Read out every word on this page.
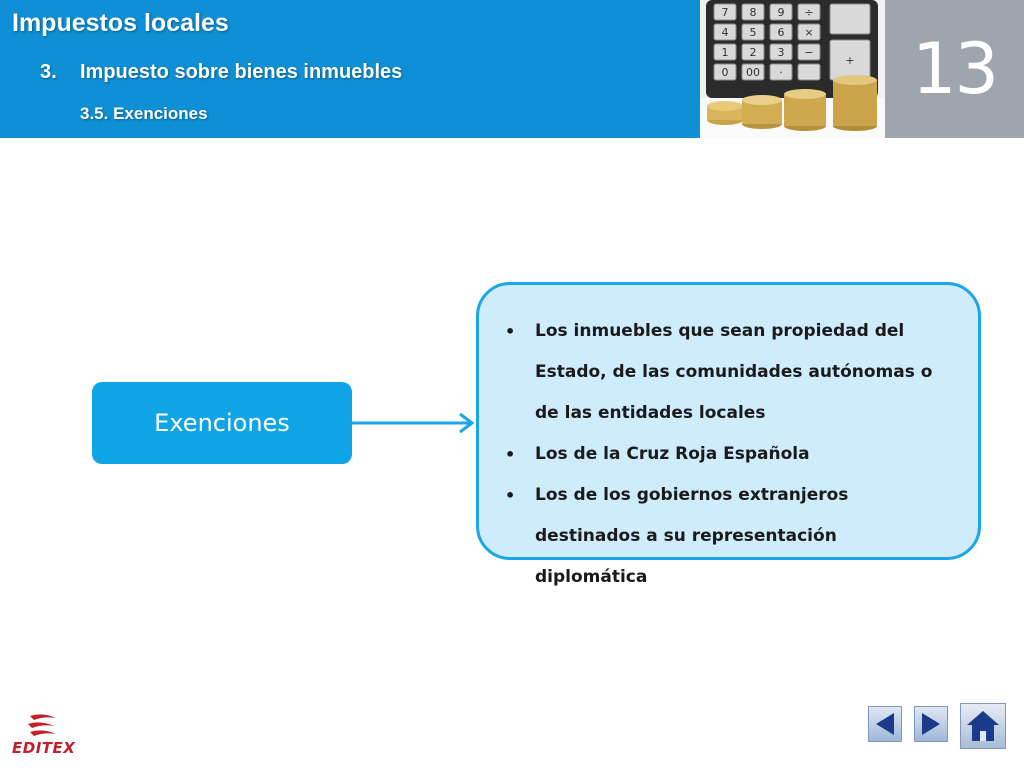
Impuestos locales
3. Impuesto sobre bienes inmuebles
3.5. Exenciones
7 8 9 ÷
4 5 6 ×
1 2 3 −
0 00 ·
+ 13
Exenciones
• Los inmuebles que sean propiedad del Estado, de las comunidades autónomas o de las entidades locales
• Los de la Cruz Roja Española
• Los de los gobiernos extranjeros destinados a su representación diplomática
EDITEX
